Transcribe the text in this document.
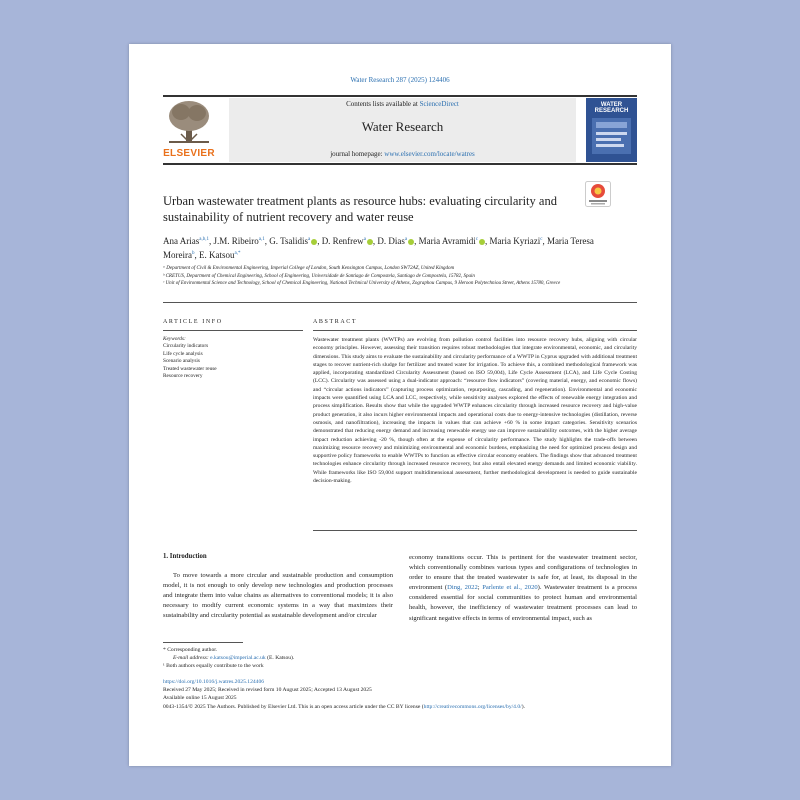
Water Research 287 (2025) 124406
ELSEVIER
Contents lists available at ScienceDirect
Water Research
journal homepage: www.elsevier.com/locate/watres
WATER RESEARCH
Urban wastewater treatment plants as resource hubs: evaluating circularity and sustainability of nutrient recovery and water reuse
Ana Arias$^{a,b,1}$, J.M. Ribeiro$^{a,1}$, G. Tsalidis$^a$ , D. Renfrew$^a$ , D. Dias$^a$ , Maria Avramidi$^c$ , Maria Kyriazi$^c$, Maria Teresa Moreira$^b$, E. Katsou$^{a,*}$
ᵃ Department of Civil & Environmental Engineering, Imperial College of London, South Kensington Campus, London SW72AZ, United Kingdom
ᵇ CRETUS, Department of Chemical Engineering, School of Engineering, Universidade de Santiago de Compostela, Santiago de Compostela, 15782, Spain
ᶜ Unit of Environmental Science and Technology, School of Chemical Engineering, National Technical University of Athens, Zographou Campus, 9 Heroon Polytechniou Street, Athens 15780, Greece
ARTICLE INFO
Keywords:
Circularity indicators
Life cycle analysis
Scenario analysis
Treated wastewater reuse
Resource recovery
ABSTRACT
Wastewater treatment plants (WWTPs) are evolving from pollution control facilities into resource recovery hubs, aligning with circular economy principles. However, assessing their transition requires robust methodologies that integrate environmental, economic, and circularity dimensions. This study aims to evaluate the sustainability and circularity performance of a WWTP in Cyprus upgraded with additional treatment stages to recover nutrient-rich sludge for fertilizer and treated water for irrigation. To achieve this, a combined methodological framework was applied, incorporating standardized Circularity Assessment (based on ISO 59,004), Life Cycle Assessment (LCA), and Life Cycle Costing (LCC). Circularity was assessed using a dual-indicator approach: “resource flow indicators” (covering material, energy, and economic flows) and “circular actions indicators” (capturing process optimization, repurposing, cascading, and regeneration). Environmental and economic impacts were quantified using LCA and LCC, respectively, while sensitivity analyses explored the effects of renewable energy integration and process simplification. Results show that while the upgraded WWTP enhances circularity through increased resource recovery and high-value product generation, it also incurs higher environmental impacts and operational costs due to energy-intensive technologies (distillation, reverse osmosis, and nanofiltration), increasing the impacts in values that can achieve +60 % in some impact categories. Sensitivity scenarios demonstrated that reducing energy demand and increasing renewable energy use can improve sustainability outcomes, with the higher average impact reduction achieving -20 %, though often at the expense of circularity performance. The study highlights the trade-offs between maximizing resource recovery and minimizing environmental and economic burdens, emphasizing the need for optimized process design and supportive policy frameworks to enable WWTPs to function as effective circular economy enablers. The findings show that advanced treatment technologies enhance circularity through increased resource recovery, but also entail elevated energy demands and limited economic viability. While frameworks like ISO 59,004 support multidimensional assessment, further methodological development is needed to guide sustainable decision-making.
1. Introduction
To move towards a more circular and sustainable production and consumption model, it is not enough to only develop new technologies and production processes and integrate them into value chains as alternatives to conventional models; it is also necessary to modify current economic systems in a way that maximizes their sustainability and circularity potential as sustainable development and/or circular
economy transitions occur. This is pertinent for the wastewater treatment sector, which conventionally combines various types and configurations of technologies in order to ensure that the treated wastewater is safe for, at least, its disposal in the environment (Ding, 2022; Parlente et al., 2020). Wastewater treatment is a process considered essential for social communities to protect human and environmental health, however, the inefficiency of wastewater treatment processes can lead to significant negative effects in terms of environmental impact, such as
* Corresponding author.
E-mail address: e.katsou@imperial.ac.uk (E. Katsou).
¹ Both authors equally contribute to the work
https://doi.org/10.1016/j.watres.2025.124406
Received 27 May 2025; Received in revised form 10 August 2025; Accepted 13 August 2025
Available online 15 August 2025
0043-1354/© 2025 The Authors. Published by Elsevier Ltd. This is an open access article under the CC BY license (http://creativecommons.org/licenses/by/4.0/).
